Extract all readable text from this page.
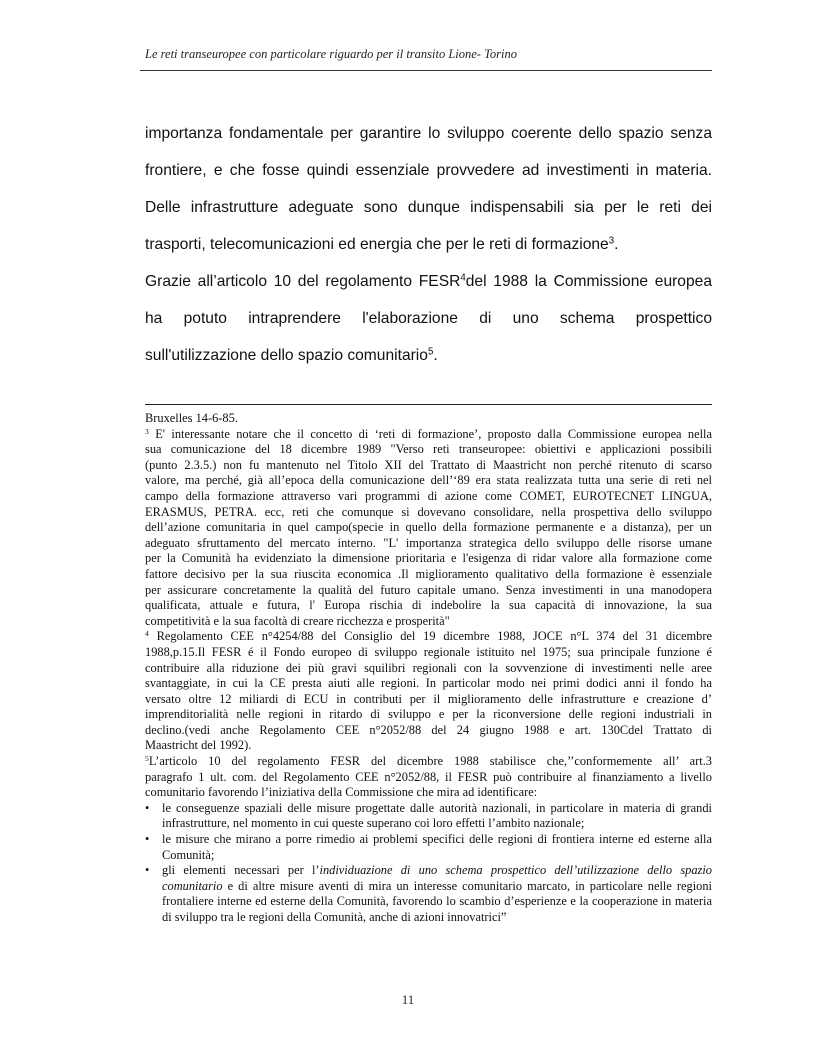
Le reti transeuropee con particolare riguardo per il transito Lione- Torino
importanza fondamentale per garantire lo sviluppo coerente dello spazio senza
frontiere, e che fosse quindi essenziale provvedere ad investimenti in materia.
Delle infrastrutture adeguate sono dunque indispensabili sia per le reti dei
trasporti, telecomunicazioni ed energia che per le reti di formazione$^3$.
Grazie all’articolo 10 del regolamento FESR$^4$del 1988 la Commissione europea
ha potuto intraprendere l'elaborazione di uno schema prospettico
sull'utilizzazione dello spazio comunitario$^5$.
Bruxelles 14-6-85.
$^3$ E' interessante notare che il concetto di ‘reti di formazione’, proposto dalla Commissione europea nella
sua comunicazione del 18 dicembre 1989 "Verso reti transeuropee: obiettivi e applicazioni possibili
(punto 2.3.5.) non fu mantenuto nel Titolo XII del Trattato di Maastricht non perché ritenuto di scarso
valore, ma perché, già all’epoca della comunicazione dell’‘89 era stata realizzata tutta una serie di reti nel
campo della formazione attraverso vari programmi di azione come COMET, EUROTECNET LINGUA,
ERASMUS, PETRA. ecc, reti che comunque si dovevano consolidare, nella prospettiva dello sviluppo
dell’azione comunitaria in quel campo(specie in quello della formazione permanente e a distanza), per un
adeguato sfruttamento del mercato interno. "L' importanza strategica dello sviluppo delle risorse umane
per la Comunità ha evidenziato la dimensione prioritaria e l'esigenza di ridar valore alla formazione come
fattore decisivo per la sua riuscita economica .Il miglioramento qualitativo della formazione è essenziale
per assicurare concretamente la qualità del futuro capitale umano. Senza investimenti in una manodopera
qualificata, attuale e futura, l' Europa rischia di indebolire la sua capacità di innovazione, la sua
competitività e la sua facoltà di creare ricchezza e prosperità"
$^4$ Regolamento CEE n°4254/88 del Consiglio del 19 dicembre 1988, JOCE n°L 374 del 31 dicembre
1988,p.15.Il FESR é il Fondo europeo di sviluppo regionale istituito nel 1975; sua principale funzione é
contribuire alla riduzione dei più gravi squilibri regionali con la sovvenzione di investimenti nelle aree
svantaggiate, in cui la CE presta aiuti alle regioni. In particolar modo nei primi dodici anni il fondo ha
versato oltre 12 miliardi di ECU in contributi per il miglioramento delle infrastrutture e creazione d’
imprenditorialità nelle regioni in ritardo di sviluppo e per la riconversione delle regioni industriali in
declino.(vedi anche Regolamento CEE n°2052/88 del 24 giugno 1988 e art. 130Cdel Trattato di
Maastricht del 1992).
$^5$L’articolo 10 del regolamento FESR del dicembre 1988 stabilisce che,’’conformemente all’ art.3
paragrafo 1 ult. com. del Regolamento CEE n°2052/88, il FESR può contribuire al finanziamento a livello
comunitario favorendo l’iniziativa della Commissione che mira ad identificare:
• le conseguenze spaziali delle misure progettate dalle autorità nazionali, in particolare in materia di grandi infrastrutture, nel momento in cui queste superano coi loro effetti l’ambito nazionale;
• le misure che mirano a porre rimedio ai problemi specifici delle regioni di frontiera interne ed esterne alla Comunità;
• gli elementi necessari per l’individuazione di uno schema prospettico dell’utilizzazione dello spazio comunitario e di altre misure aventi di mira un interesse comunitario marcato, in particolare nelle regioni frontaliere interne ed esterne della Comunità, favorendo lo scambio d’esperienze e la cooperazione in materia di sviluppo tra le regioni della Comunità, anche di azioni innovatrici”
11
